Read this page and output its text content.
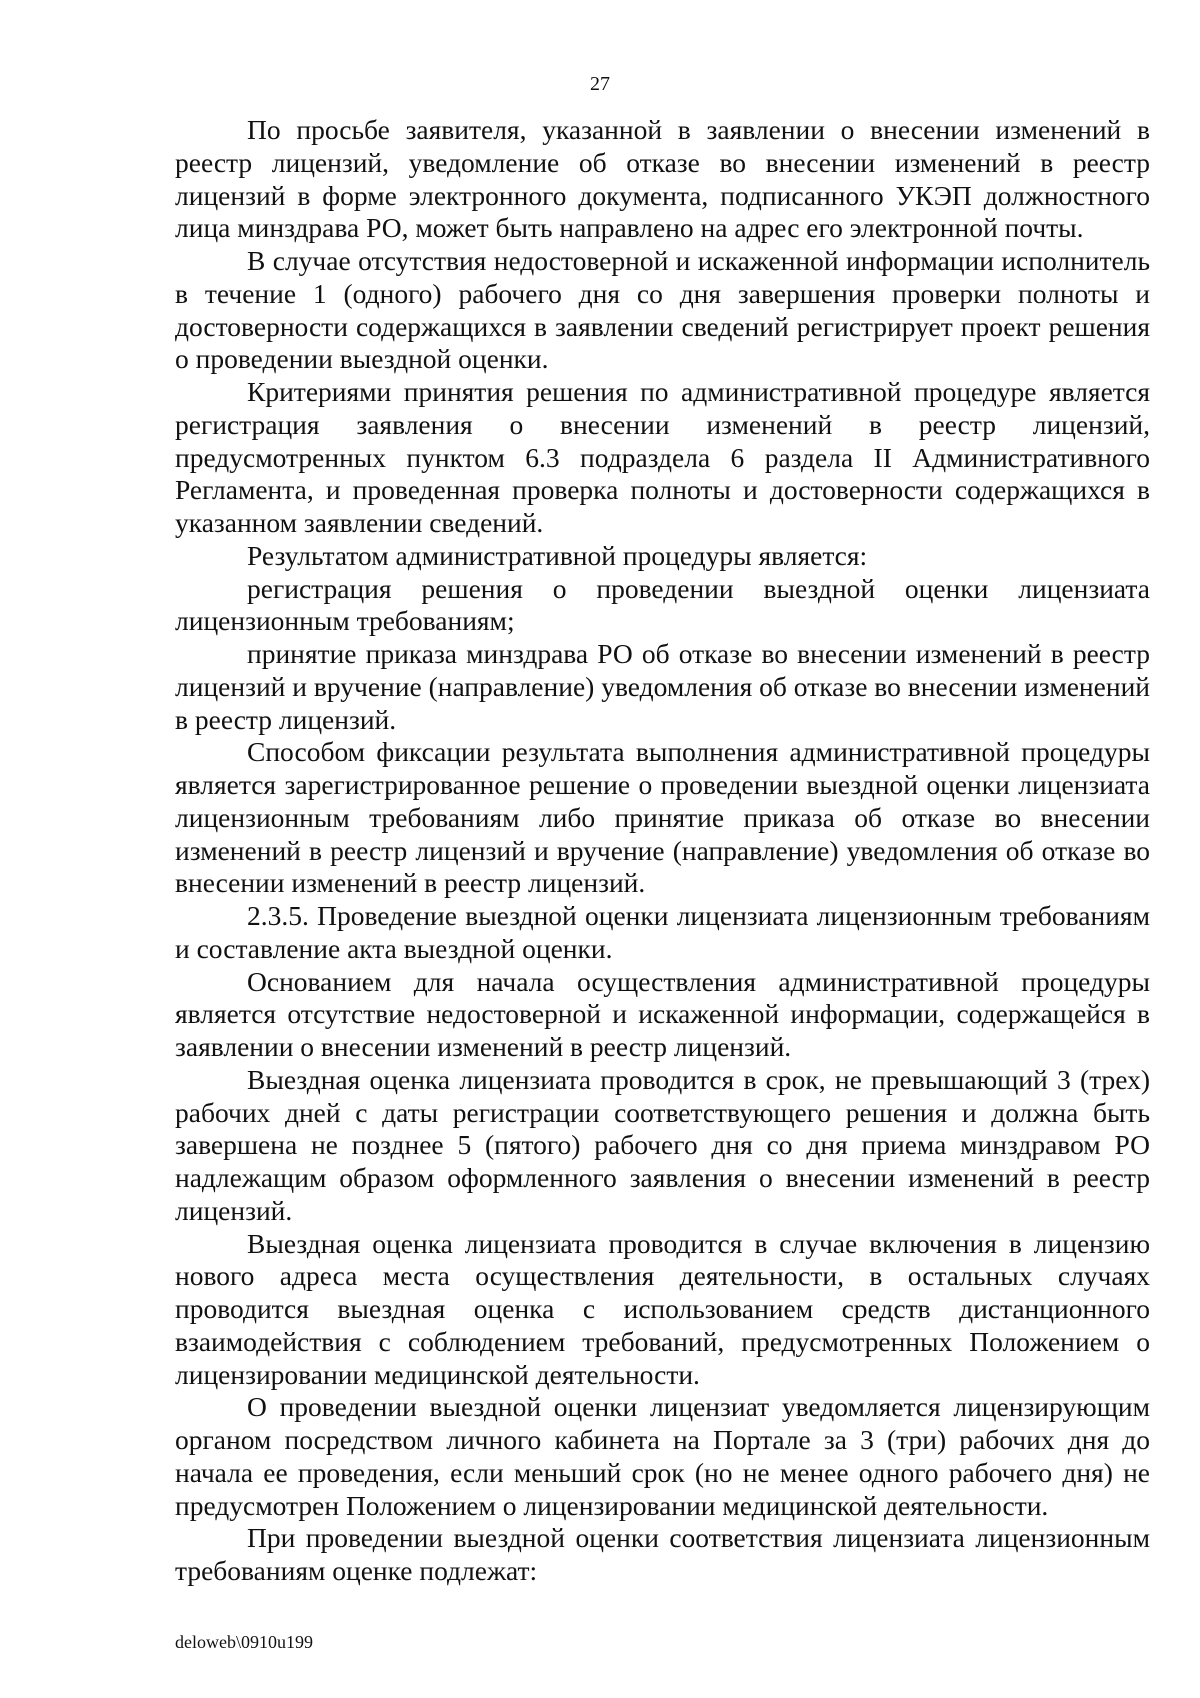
27

По просьбе заявителя, указанной в заявлении о внесении изменений в реестр лицензий, уведомление об отказе во внесении изменений в реестр лицензий в форме электронного документа, подписанного УКЭП должностного лица минздрава РО, может быть направлено на адрес его электронной почты.

В случае отсутствия недостоверной и искаженной информации исполнитель в течение 1 (одного) рабочего дня со дня завершения проверки полноты и достоверности содержащихся в заявлении сведений регистрирует проект решения о проведении выездной оценки.

Критериями принятия решения по административной процедуре является регистрация заявления о внесении изменений в реестр лицензий, предусмотренных пунктом 6.3 подраздела 6 раздела II Административного Регламента, и проведенная проверка полноты и достоверности содержащихся в указанном заявлении сведений.

Результатом административной процедуры является:

регистрация решения о проведении выездной оценки лицензиата лицензионным требованиям;

принятие приказа минздрава РО об отказе во внесении изменений в реестр лицензий и вручение (направление) уведомления об отказе во внесении изменений в реестр лицензий.

Способом фиксации результата выполнения административной процедуры является зарегистрированное решение о проведении выездной оценки лицензиата лицензионным требованиям либо принятие приказа об отказе во внесении изменений в реестр лицензий и вручение (направление) уведомления об отказе во внесении изменений в реестр лицензий.

2.3.5. Проведение выездной оценки лицензиата лицензионным требованиям и составление акта выездной оценки.

Основанием для начала осуществления административной процедуры является отсутствие недостоверной и искаженной информации, содержащейся в заявлении о внесении изменений в реестр лицензий.

Выездная оценка лицензиата проводится в срок, не превышающий 3 (трех) рабочих дней с даты регистрации соответствующего решения и должна быть завершена не позднее 5 (пятого) рабочего дня со дня приема минздравом РО надлежащим образом оформленного заявления о внесении изменений в реестр лицензий.

Выездная оценка лицензиата проводится в случае включения в лицензию нового адреса места осуществления деятельности, в остальных случаях проводится выездная оценка с использованием средств дистанционного взаимодействия с соблюдением требований, предусмотренных Положением о лицензировании медицинской деятельности.

О проведении выездной оценки лицензиат уведомляется лицензирующим органом посредством личного кабинета на Портале за 3 (три) рабочих дня до начала ее проведения, если меньший срок (но не менее одного рабочего дня) не предусмотрен Положением о лицензировании медицинской деятельности.

При проведении выездной оценки соответствия лицензиата лицензионным требованиям оценке подлежат:

deloweb\0910u199
